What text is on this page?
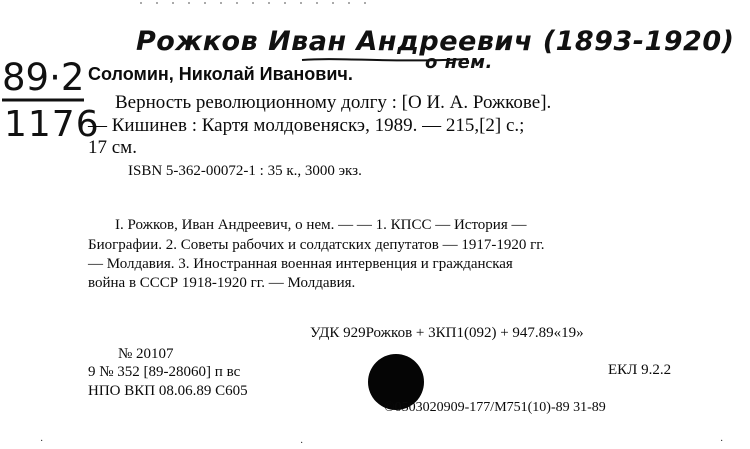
Рожков Иван Андреевич (1893-1920)
о нем.
89·2
1176
Соломин, Николай Иванович.
Верность революционному долгу : [О И. А. Рожкове].
— Кишинев : Картя молдовеняскэ, 1989. — 215,[2] с.;
17 см.
ISBN 5-362-00072-1 : 35 к., 3000 экз.
I. Рожков, Иван Андреевич, о нем. — — 1. КПСС — История —
Биографии. 2. Советы рабочих и солдатских депутатов — 1917-1920 гг.
— Молдавия. 3. Иностранная военная интервенция и гражданская
война в СССР 1918-1920 гг. — Молдавия.
УДК 929Рожков + 3КП1(092) + 947.89«19»
№ 20107
9 № 352 [89-28060] п вс	ЕКЛ 9.2.2
НПО ВКП 08.06.89 С605
©0503020909-177/М751(10)-89 31-89
·	·	·
